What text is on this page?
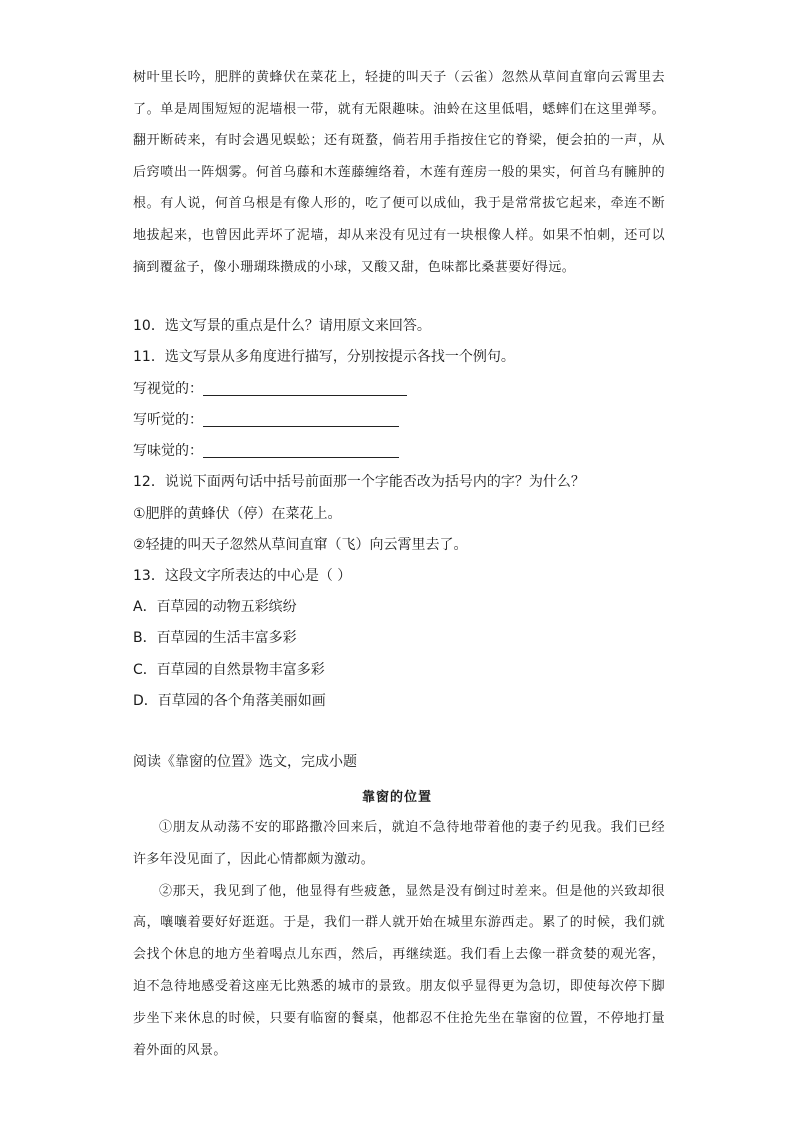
树叶里长吟，肥胖的黄蜂伏在菜花上，轻捷的叫天子（云雀）忽然从草间直窜向云霄里去了。单是周围短短的泥墙根一带，就有无限趣味。油蛉在这里低唱，蟋蟀们在这里弹琴。翻开断砖来，有时会遇见蜈蚣；还有斑蝥，倘若用手指按住它的脊梁，便会拍的一声，从后窍喷出一阵烟雾。何首乌藤和木莲藤缠络着，木莲有莲房一般的果实，何首乌有臃肿的根。有人说，何首乌根是有像人形的，吃了便可以成仙，我于是常常拔它起来，牵连不断地拔起来，也曾因此弄坏了泥墙，却从来没有见过有一块根像人样。如果不怕刺，还可以摘到覆盆子，像小珊瑚珠攒成的小球，又酸又甜，色味都比桑葚要好得远。
10．选文写景的重点是什么？请用原文来回答。
11．选文写景从多角度进行描写，分别按提示各找一个例句。
写视觉的：
写听觉的：
写味觉的：
12．说说下面两句话中括号前面那一个字能否改为括号内的字？为什么？
①肥胖的黄蜂伏（停）在菜花上。
②轻捷的叫天子忽然从草间直窜（飞）向云霄里去了。
13．这段文字所表达的中心是（ ）
A．百草园的动物五彩缤纷
B．百草园的生活丰富多彩
C．百草园的自然景物丰富多彩
D．百草园的各个角落美丽如画
阅读《靠窗的位置》选文，完成小题
靠窗的位置

①朋友从动荡不安的耶路撒冷回来后，就迫不急待地带着他的妻子约见我。我们已经许多年没见面了，因此心情都颇为激动。

②那天，我见到了他，他显得有些疲惫，显然是没有倒过时差来。但是他的兴致却很高，嚷嚷着要好好逛逛。于是，我们一群人就开始在城里东游西走。累了的时候，我们就会找个休息的地方坐着喝点儿东西，然后，再继续逛。我们看上去像一群贪婪的观光客，迫不急待地感受着这座无比熟悉的城市的景致。朋友似乎显得更为急切，即使每次停下脚步坐下来休息的时候，只要有临窗的餐桌，他都忍不住抢先坐在靠窗的位置，不停地打量着外面的风景。
